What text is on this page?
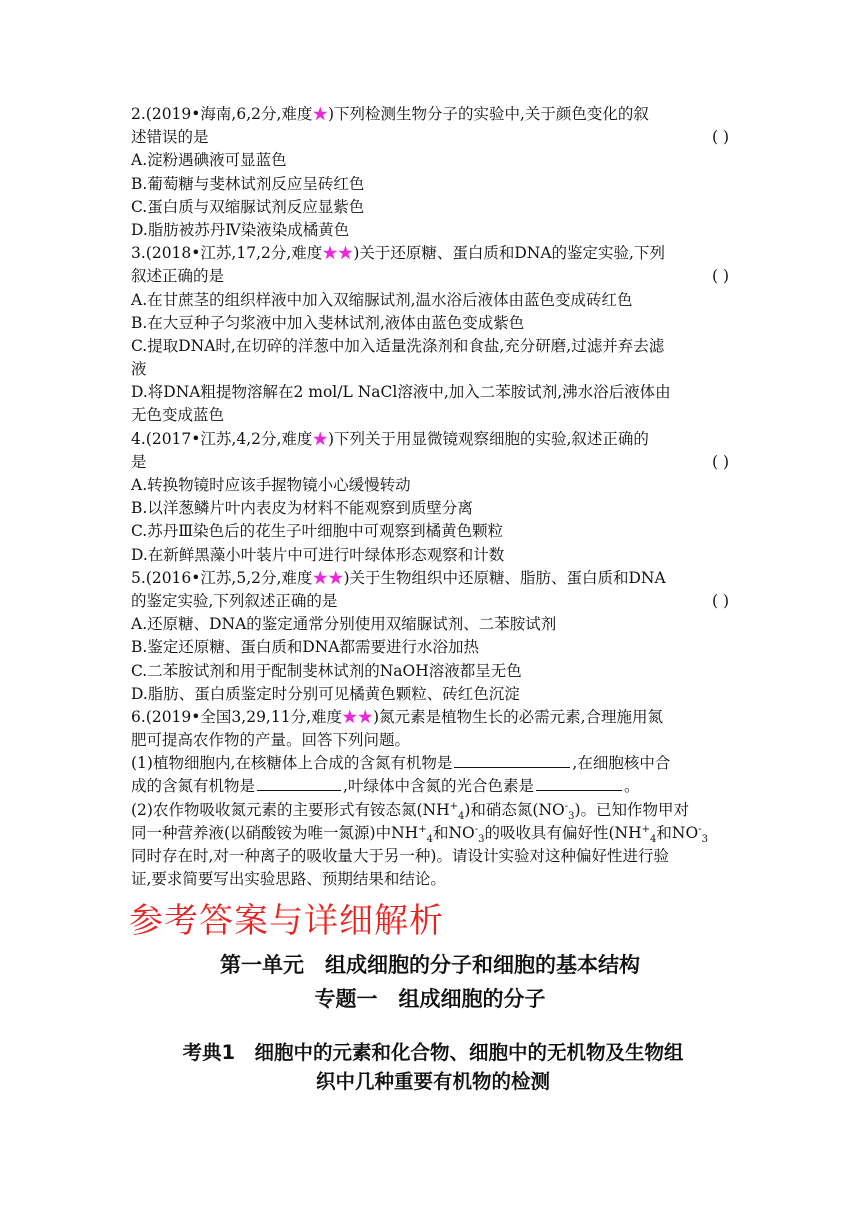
2.(2019•海南,6,2分,难度★)下列检测生物分子的实验中,关于颜色变化的叙
述错误的是	( )
A.淀粉遇碘液可显蓝色
B.葡萄糖与斐林试剂反应呈砖红色
C.蛋白质与双缩脲试剂反应显紫色
D.脂肪被苏丹Ⅳ染液染成橘黄色
3.(2018•江苏,17,2分,难度★★)关于还原糖、蛋白质和DNA的鉴定实验,下列
叙述正确的是	( )
A.在甘蔗茎的组织样液中加入双缩脲试剂,温水浴后液体由蓝色变成砖红色
B.在大豆种子匀浆液中加入斐林试剂,液体由蓝色变成紫色
C.提取DNA时,在切碎的洋葱中加入适量洗涤剂和食盐,充分研磨,过滤并弃去滤
液
D.将DNA粗提物溶解在2 mol/L NaCl溶液中,加入二苯胺试剂,沸水浴后液体由
无色变成蓝色
4.(2017•江苏,4,2分,难度★)下列关于用显微镜观察细胞的实验,叙述正确的
是	( )
A.转换物镜时应该手握物镜小心缓慢转动
B.以洋葱鳞片叶内表皮为材料不能观察到质壁分离
C.苏丹Ⅲ染色后的花生子叶细胞中可观察到橘黄色颗粒
D.在新鲜黑藻小叶装片中可进行叶绿体形态观察和计数
5.(2016•江苏,5,2分,难度★★)关于生物组织中还原糖、脂肪、蛋白质和DNA
的鉴定实验,下列叙述正确的是	( )
A.还原糖、DNA的鉴定通常分别使用双缩脲试剂、二苯胺试剂
B.鉴定还原糖、蛋白质和DNA都需要进行水浴加热
C.二苯胺试剂和用于配制斐林试剂的NaOH溶液都呈无色
D.脂肪、蛋白质鉴定时分别可见橘黄色颗粒、砖红色沉淀
6.(2019•全国3,29,11分,难度★★)氮元素是植物生长的必需元素,合理施用氮
肥可提高农作物的产量。回答下列问题。
(1)植物细胞内,在核糖体上合成的含氮有机物是	,在细胞核中合
成的含氮有机物是	,叶绿体中含氮的光合色素是	。
(2)农作物吸收氮元素的主要形式有铵态氮$(NH^+_4)$和硝态氮$(NO^-_3)$。已知作物甲对
同一种营养液(以硝酸铵为唯一氮源)中$NH^+_4$和$NO^-_3$的吸收具有偏好性($NH^+_4$和$NO^-_3$
同时存在时,对一种离子的吸收量大于另一种)。请设计实验对这种偏好性进行验
证,要求简要写出实验思路、预期结果和结论。
参考答案与详细解析
第一单元　组成细胞的分子和细胞的基本结构
专题一　组成细胞的分子
考典1　细胞中的元素和化合物、细胞中的无机物及生物组
织中几种重要有机物的检测
